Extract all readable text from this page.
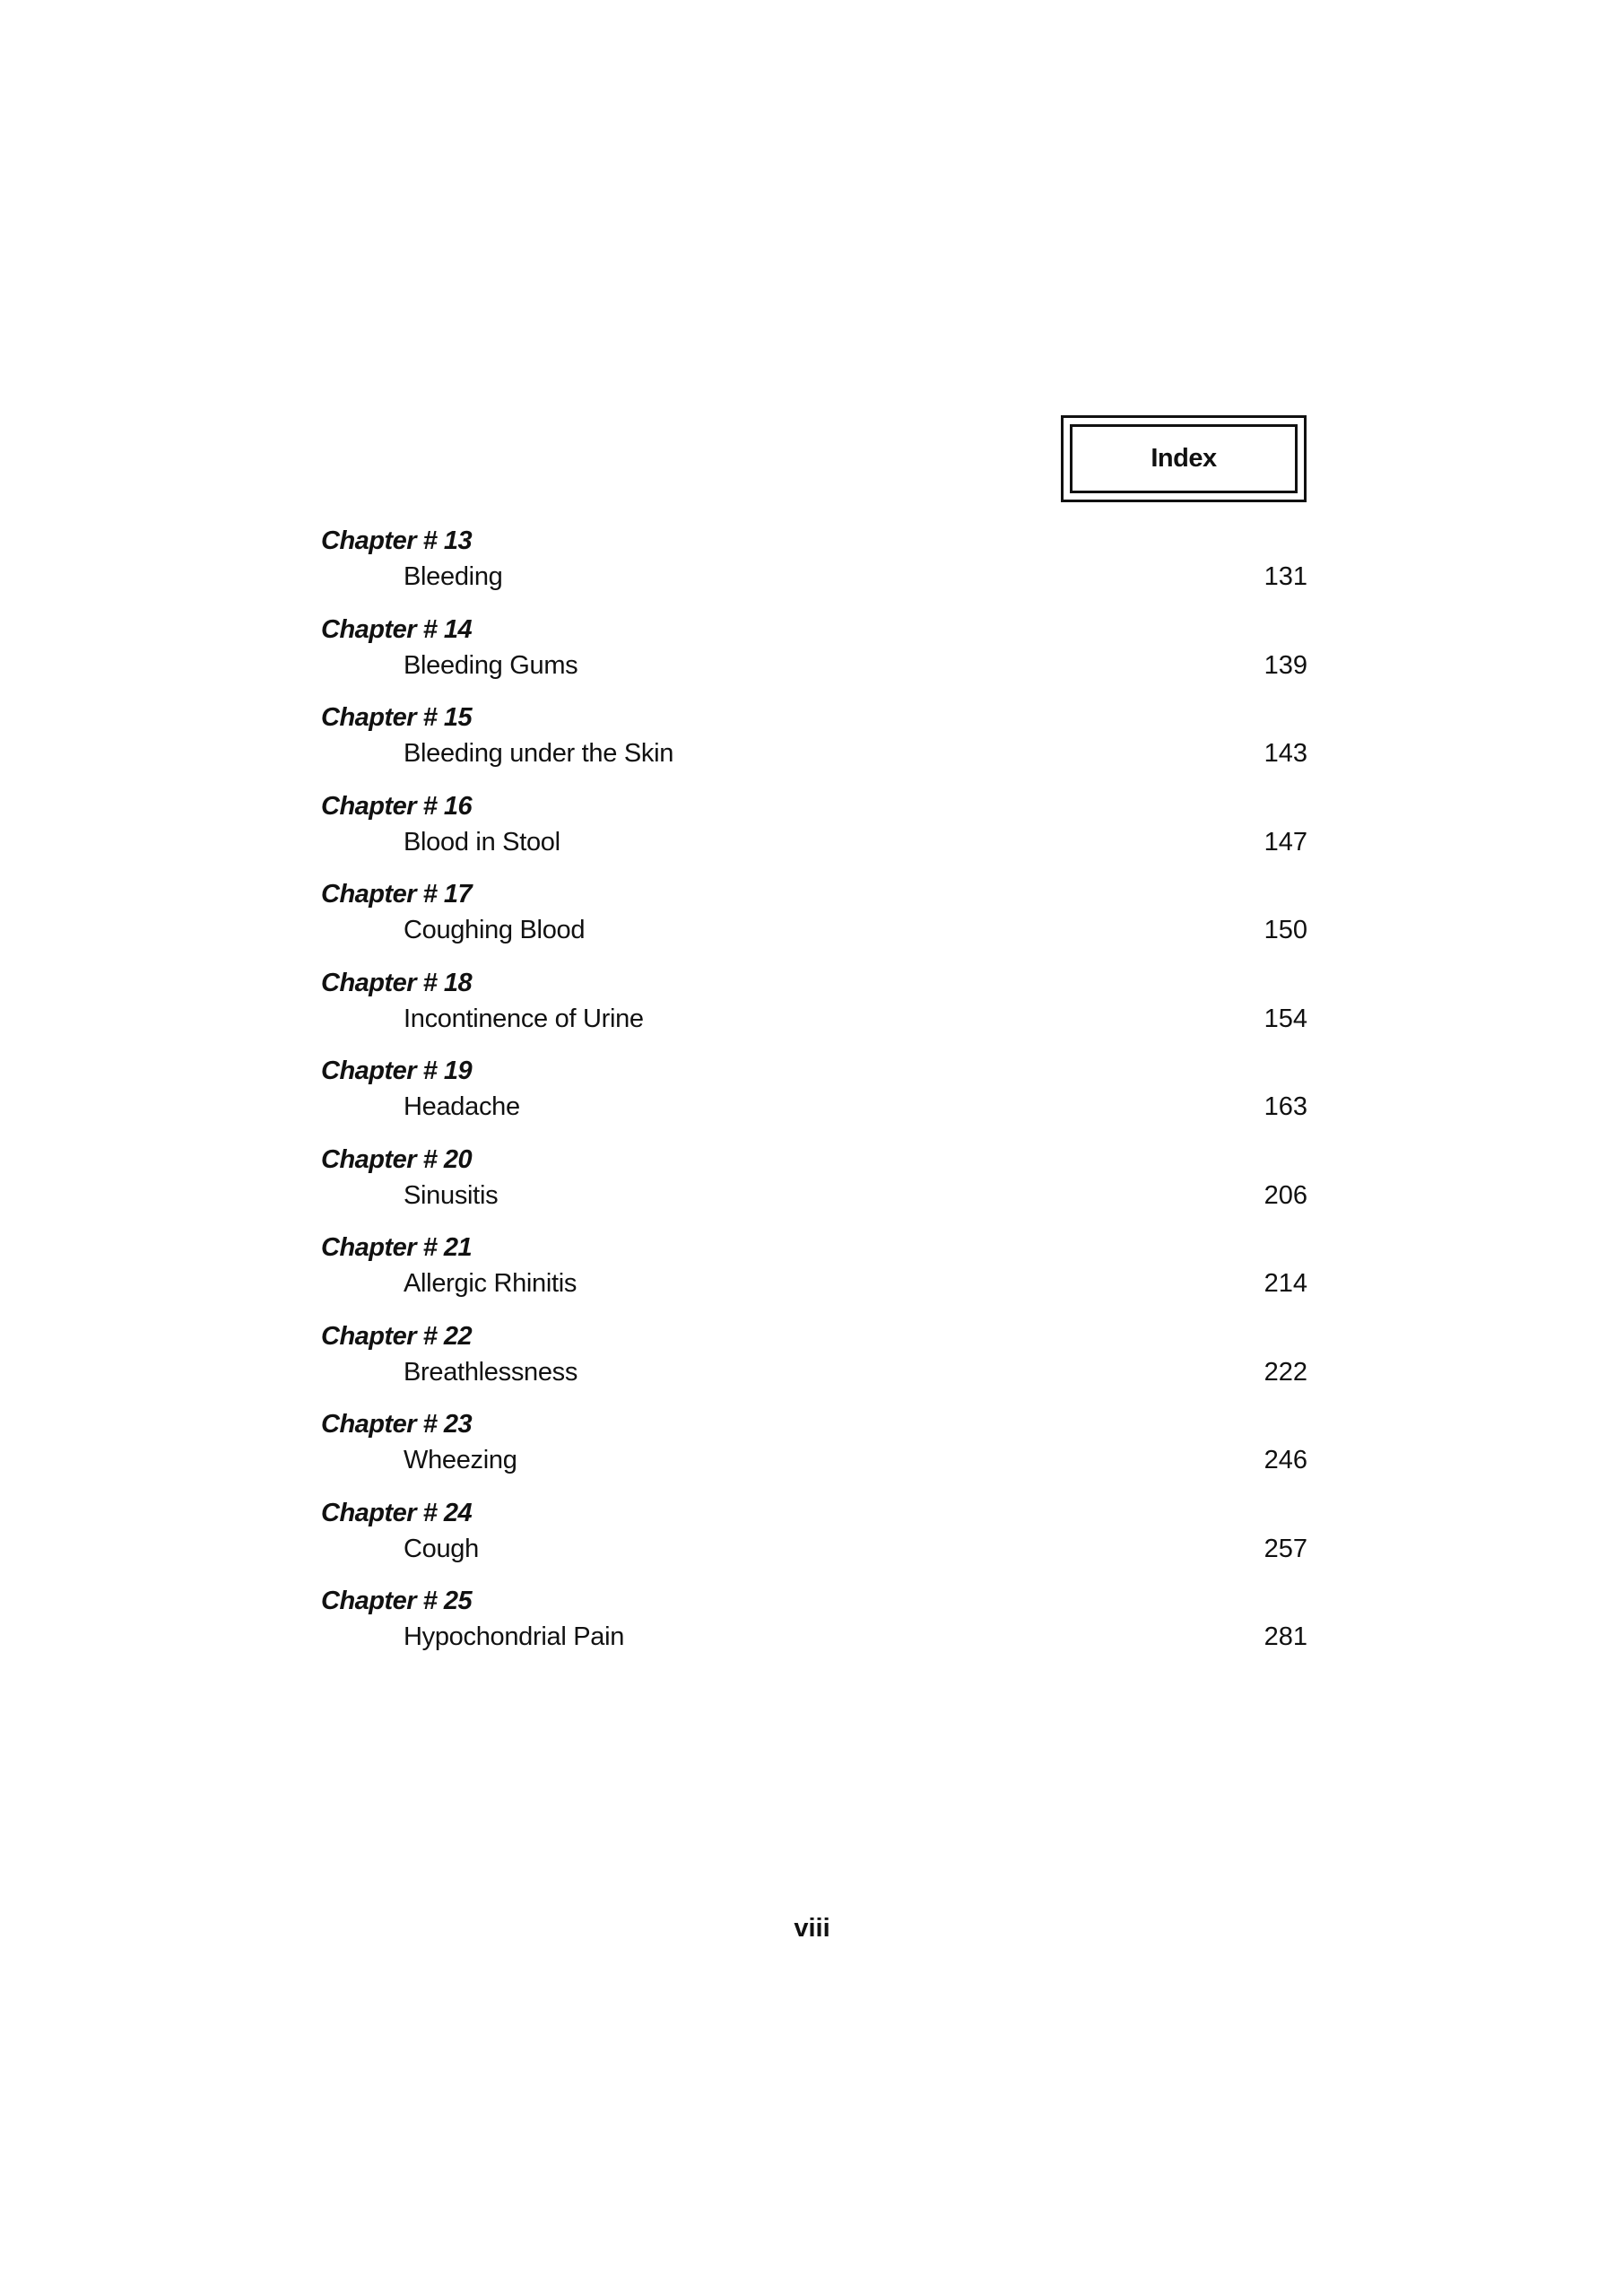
Index
Chapter # 13
Bleeding	131
Chapter # 14
Bleeding Gums	139
Chapter # 15
Bleeding under the Skin	143
Chapter # 16
Blood in Stool	147
Chapter # 17
Coughing Blood	150
Chapter # 18
Incontinence of Urine	154
Chapter # 19
Headache	163
Chapter # 20
Sinusitis	206
Chapter # 21
Allergic Rhinitis	214
Chapter # 22
Breathlessness	222
Chapter # 23
Wheezing	246
Chapter # 24
Cough	257
Chapter # 25
Hypochondrial Pain	281
viii
